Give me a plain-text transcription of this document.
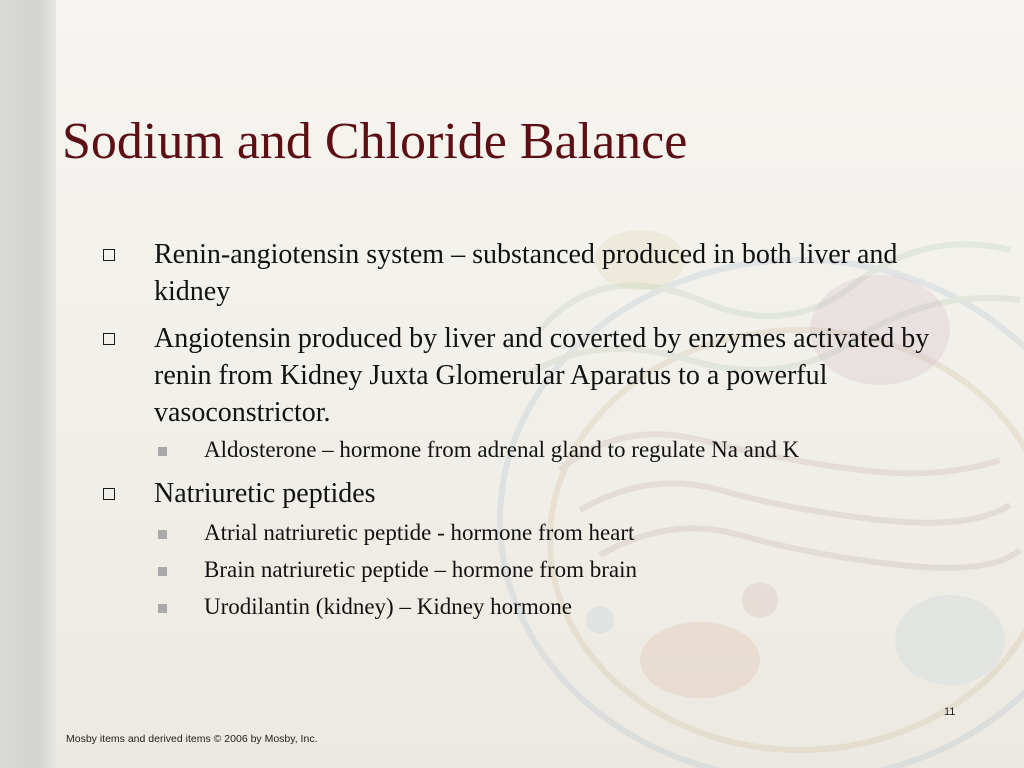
Sodium and Chloride Balance
Renin-angiotensin system – substanced produced in both liver and kidney
Angiotensin produced by liver and coverted by enzymes activated by renin from Kidney Juxta Glomerular Aparatus to a powerful vasoconstrictor.
Aldosterone – hormone from adrenal gland to regulate Na and K
Natriuretic peptides
Atrial natriuretic peptide - hormone from heart
Brain natriuretic peptide – hormone from brain
Urodilantin (kidney) – Kidney hormone
11
Mosby items and derived items © 2006 by Mosby, Inc.
